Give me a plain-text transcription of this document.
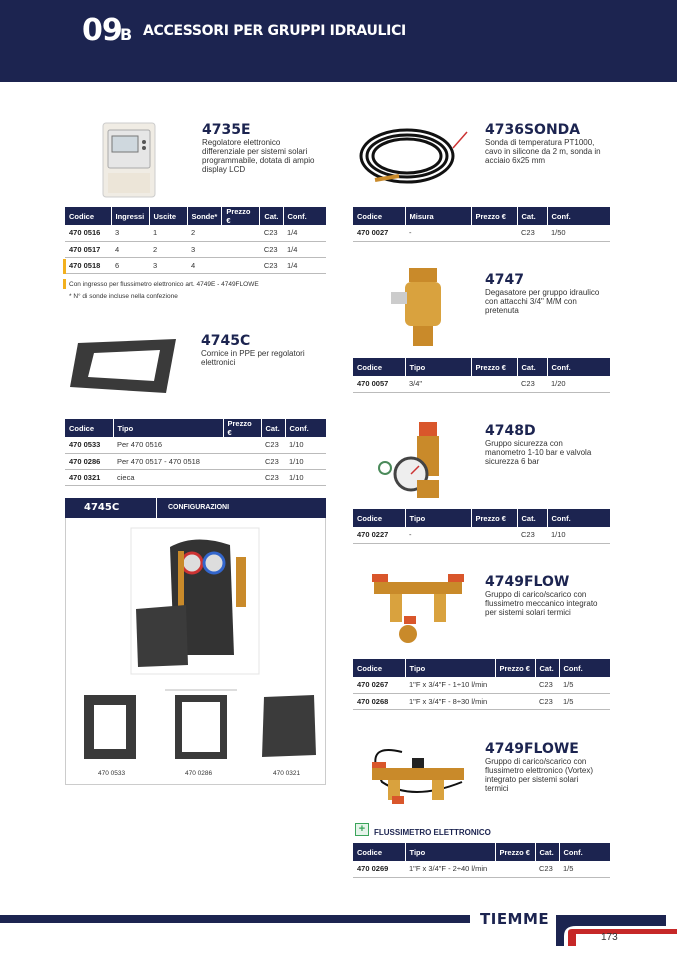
09
B ACCESSORI PER GRUPPI IDRAULICI
4735E
Regolatore elettronico
differenziale per sistemi solari
programmabile, dotata di ampio
display LCD
Codice	Ingressi	Uscite	Sonde*	Prezzo €	Cat.	Conf.
470 0516	3	1	2		C23	1/4
470 0517	4	2	3		C23	1/4
470 0518	6	3	4		C23	1/4
Con ingresso per flussimetro elettronico art. 4749E - 4749FLOWE
* N° di sonde incluse nella confezione
4745C
Cornice in PPE per regolatori
elettronici
Codice	Tipo	Prezzo €	Cat.	Conf.
470 0533	Per 470 0516		C23	1/10
470 0286	Per 470 0517 - 470 0518		C23	1/10
470 0321	cieca		C23	1/10
4745C	CONFIGURAZIONI
470 0533	470 0286	470 0321
4736SONDA
Sonda di temperatura PT1000,
cavo in silicone da 2 m, sonda in
acciaio 6x25 mm
Codice	Misura	Prezzo €	Cat.	Conf.
470 0027	-		C23	1/50
4747
Degasatore per gruppo idraulico
con attacchi 3/4" M/M con
pretenuta
Codice	Tipo	Prezzo €	Cat.	Conf.
470 0057	3/4"		C23	1/20
4748D
Gruppo sicurezza con
manometro 1-10 bar e valvola
sicurezza 6 bar
Codice	Tipo	Prezzo €	Cat.	Conf.
470 0227	-		C23	1/10
4749FLOW
Gruppo di carico/scarico con
flussimetro meccanico integrato
per sistemi solari termici
Codice	Tipo	Prezzo €	Cat.	Conf.
470 0267	1"F x 3/4"F - 1÷10 l/min		C23	1/5
470 0268	1"F x 3/4"F - 8÷30 l/min		C23	1/5
4749FLOWE
Gruppo di carico/scarico con
flussimetro elettronico (Vortex)
integrato per sistemi solari
termici
+	FLUSSIMETRO ELETTRONICO
Codice	Tipo	Prezzo €	Cat.	Conf.
470 0269	1"F x 3/4"F - 2÷40 l/min		C23	1/5
TIEMME
173
